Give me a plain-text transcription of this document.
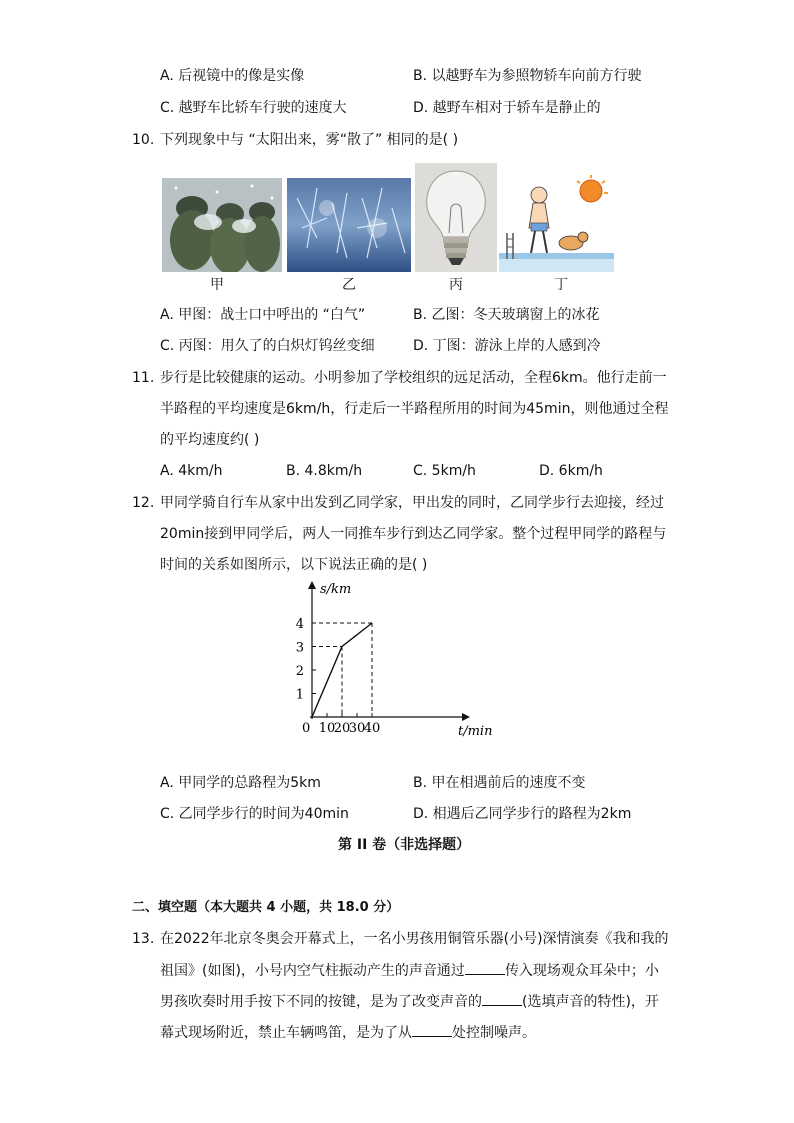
A. 后视镜中的像是实像	B. 以越野车为参照物轿车向前方行驶
C. 越野车比轿车行驶的速度大	D. 越野车相对于轿车是静止的
10. 下列现象中与 “太阳出来，雾“散了” 相同的是( )
甲	乙	丙	丁
A. 甲图：战士口中呼出的 “白气”	B. 乙图：冬天玻璃窗上的冰花
C. 丙图：用久了的白炽灯钨丝变细	D. 丁图：游泳上岸的人感到冷
11. 步行是比较健康的运动。小明参加了学校组织的远足活动，全程6km。他行走前一
半路程的平均速度是6km/h，行走后一半路程所用的时间为45min，则他通过全程
的平均速度约( )
A. 4km/h	B. 4.8km/h	C. 5km/h	D. 6km/h
12. 甲同学骑自行车从家中出发到乙同学家，甲出发的同时，乙同学步行去迎接，经过
20min接到甲同学后，两人一同推车步行到达乙同学家。整个过程甲同学的路程与
时间的关系如图所示，以下说法正确的是( )
s/km
t/min
0 10
20
30
40
1
2
3
4
A. 甲同学的总路程为5km	B. 甲在相遇前后的速度不变
C. 乙同学步行的时间为40min	D. 相遇后乙同学步行的路程为2km
第 II 卷（非选择题）
二、填空题（本大题共 4 小题，共 18.0 分）
13. 在2022年北京冬奥会开幕式上，一名小男孩用铜管乐器(小号)深情演奏《我和我的
祖国》(如图)，小号内空气柱振动产生的声音通过	传入现场观众耳朵中；小
男孩吹奏时用手按下不同的按键，是为了改变声音的	(选填声音的特性)，开
幕式现场附近，禁止车辆鸣笛，是为了从	处控制噪声。
